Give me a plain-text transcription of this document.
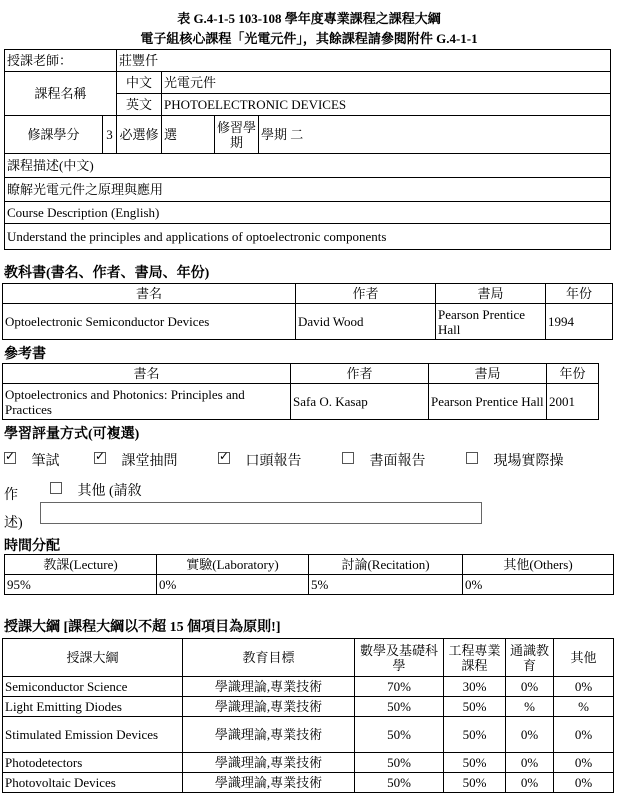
表 G.4-1-5 103-108 學年度專業課程之課程大綱
電子組核心課程「光電元件」，其餘課程請參閱附件 G.4-1-1
授課老師：		莊豐仟			
課程名稱		中文	光電元件		
		英文	PHOTOELECTRONIC DEVICES		
修課學分	3	必選修	選	修習學期	學期 二
課程描述(中文)					
瞭解光電元件之原理與應用					
Course Description (English)					
Understand the principles and applications of optoelectronic components					
教科書(書名、作者、書局、年份)
書名	作者	書局	年份
Optoelectronic Semiconductor Devices	David Wood	Pearson Prentice Hall	1994
參考書
書名	作者	書局	年份
Optoelectronics and Photonics: Principles and Practices	Safa O. Kasap	Pearson Prentice Hall	2001
學習評量方式(可複選)
✓ 筆試 ✓	課堂抽問 ✓	口頭報告	書面報告	現場實際操
作	其他 (請敘
述)
時間分配
教課(Lecture)	實驗(Laboratory)	討論(Recitation)	其他(Others)
95%	0%	5%	0%
授課大綱 [課程大綱以不超 15 個項目為原則!]
授課大綱	教育目標	數學及基礎科學	工程專業課程	通識教育	其他
Semiconductor Science	學識理論,專業技術	70%	30%	0%	0%
Light Emitting Diodes	學識理論,專業技術	50%	50%	%	%
Stimulated Emission Devices	學識理論,專業技術	50%	50%	0%	0%
Photodetectors	學識理論,專業技術	50%	50%	0%	0%
Photovoltaic Devices	學識理論,專業技術	50%	50%	0%	0%
